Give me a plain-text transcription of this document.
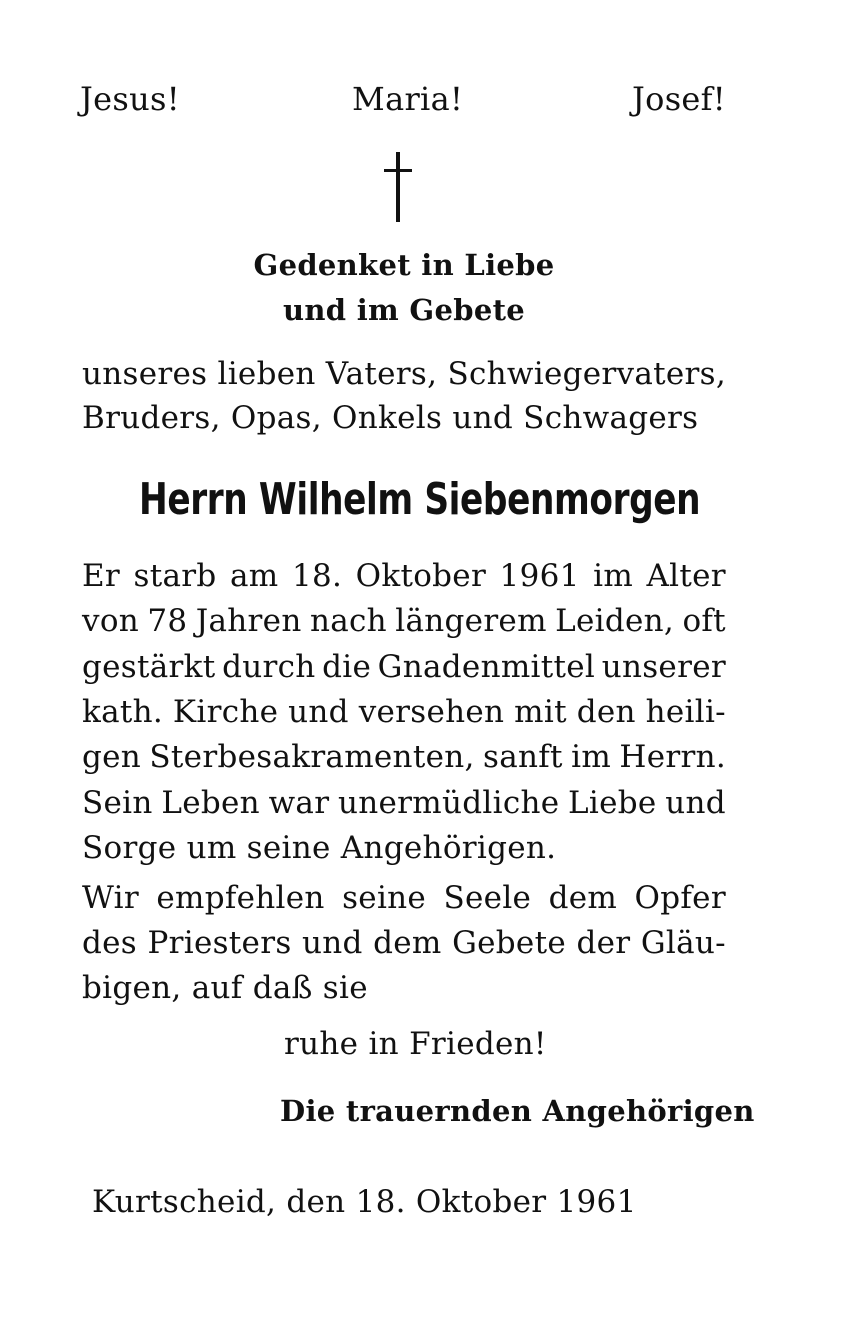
Jesus!	Maria!	Josef!
Gedenket in Liebe
und im Gebete
unseres lieben Vaters, Schwiegervaters,
Bruders, Opas, Onkels und Schwagers
Herrn Wilhelm Siebenmorgen
Er starb am 18. Oktober 1961 im Alter
von 78 Jahren nach längerem Leiden, oft
gestärkt durch die Gnadenmittel unserer
kath. Kirche und versehen mit den heili-
gen Sterbesakramenten, sanft im Herrn.
Sein Leben war unermüdliche Liebe und
Sorge um seine Angehörigen.
Wir empfehlen seine Seele dem Opfer
des Priesters und dem Gebete der Gläu-
bigen, auf daß sie
ruhe in Frieden!
Die trauernden Angehörigen
Kurtscheid, den 18. Oktober 1961
